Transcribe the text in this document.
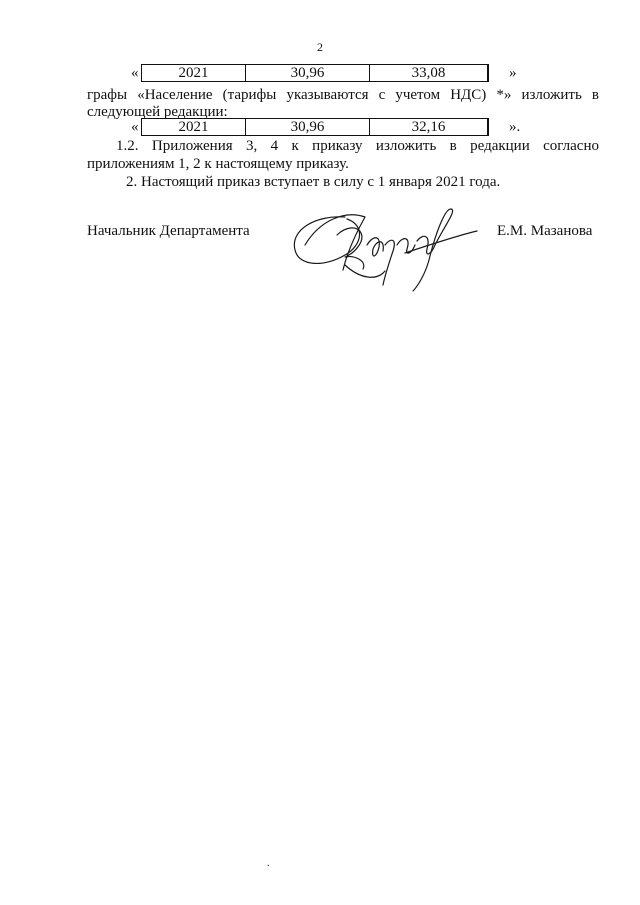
2
«	2021	30,96	33,08	»
графы «Население (тарифы указываются с учетом НДС) *» изложить в
следующей редакции:
«	2021	30,96	32,16	».
1.2. Приложения 3, 4 к приказу изложить в редакции согласно
приложениям 1, 2 к настоящему приказу.
2. Настоящий приказ вступает в силу с 1 января 2021 года.
Начальник Департамента	Е.М. Мазанова
.
